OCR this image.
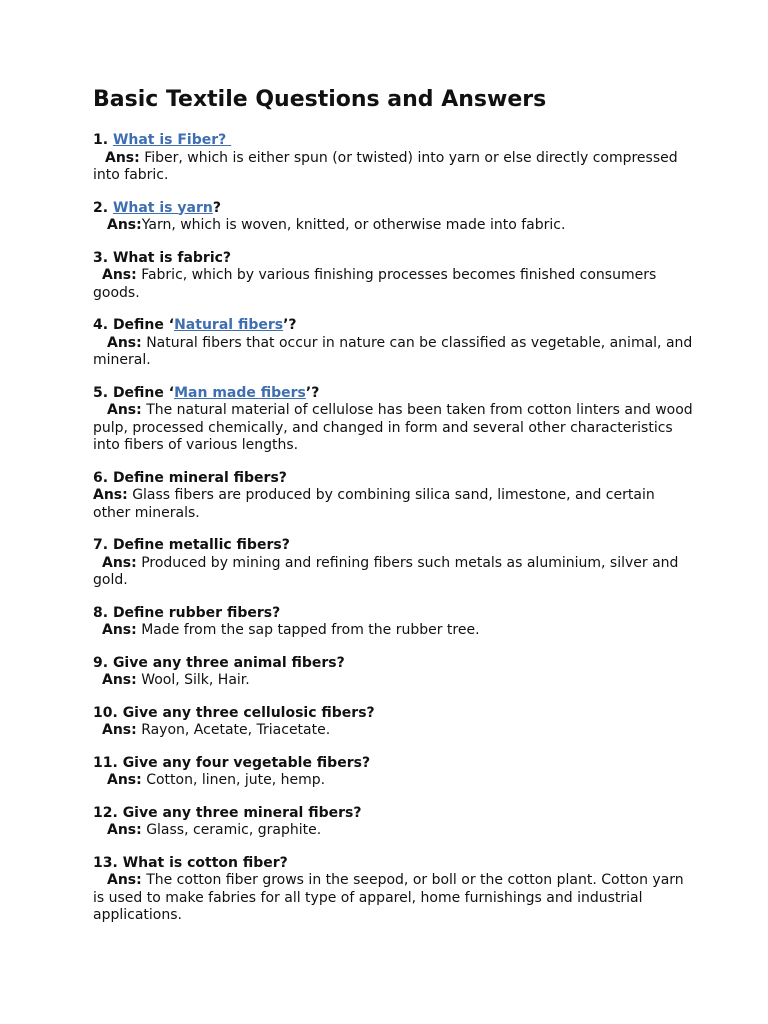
Basic Textile Questions and Answers

1. What is Fiber?

Ans: Fiber, which is either spun (or twisted) into yarn or else directly compressed into fabric.

2. What is yarn?

Ans:Yarn, which is woven, knitted, or otherwise made into fabric.

3. What is fabric?

Ans: Fabric, which by various finishing processes becomes finished consumers goods.

4. Define ‘Natural fibers’?

Ans: Natural fibers that occur in nature can be classified as vegetable, animal, and mineral.

5. Define ‘Man made fibers’?

Ans: The natural material of cellulose has been taken from cotton linters and wood pulp, processed chemically, and changed in form and several other characteristics into fibers of various lengths.

6. Define mineral fibers?

Ans: Glass fibers are produced by combining silica sand, limestone, and certain other minerals.

7. Define metallic fibers?

Ans: Produced by mining and refining fibers such metals as aluminium, silver and gold.

8. Define rubber fibers?

Ans: Made from the sap tapped from the rubber tree.

9. Give any three animal fibers?

Ans: Wool, Silk, Hair.

10. Give any three cellulosic fibers?

Ans: Rayon, Acetate, Triacetate.

11. Give any four vegetable fibers?

Ans: Cotton, linen, jute, hemp.

12. Give any three mineral fibers?

Ans: Glass, ceramic, graphite.

13. What is cotton fiber?

Ans: The cotton fiber grows in the seepod, or boll or the cotton plant. Cotton yarn is used to make fabries for all type of apparel, home furnishings and industrial applications.
